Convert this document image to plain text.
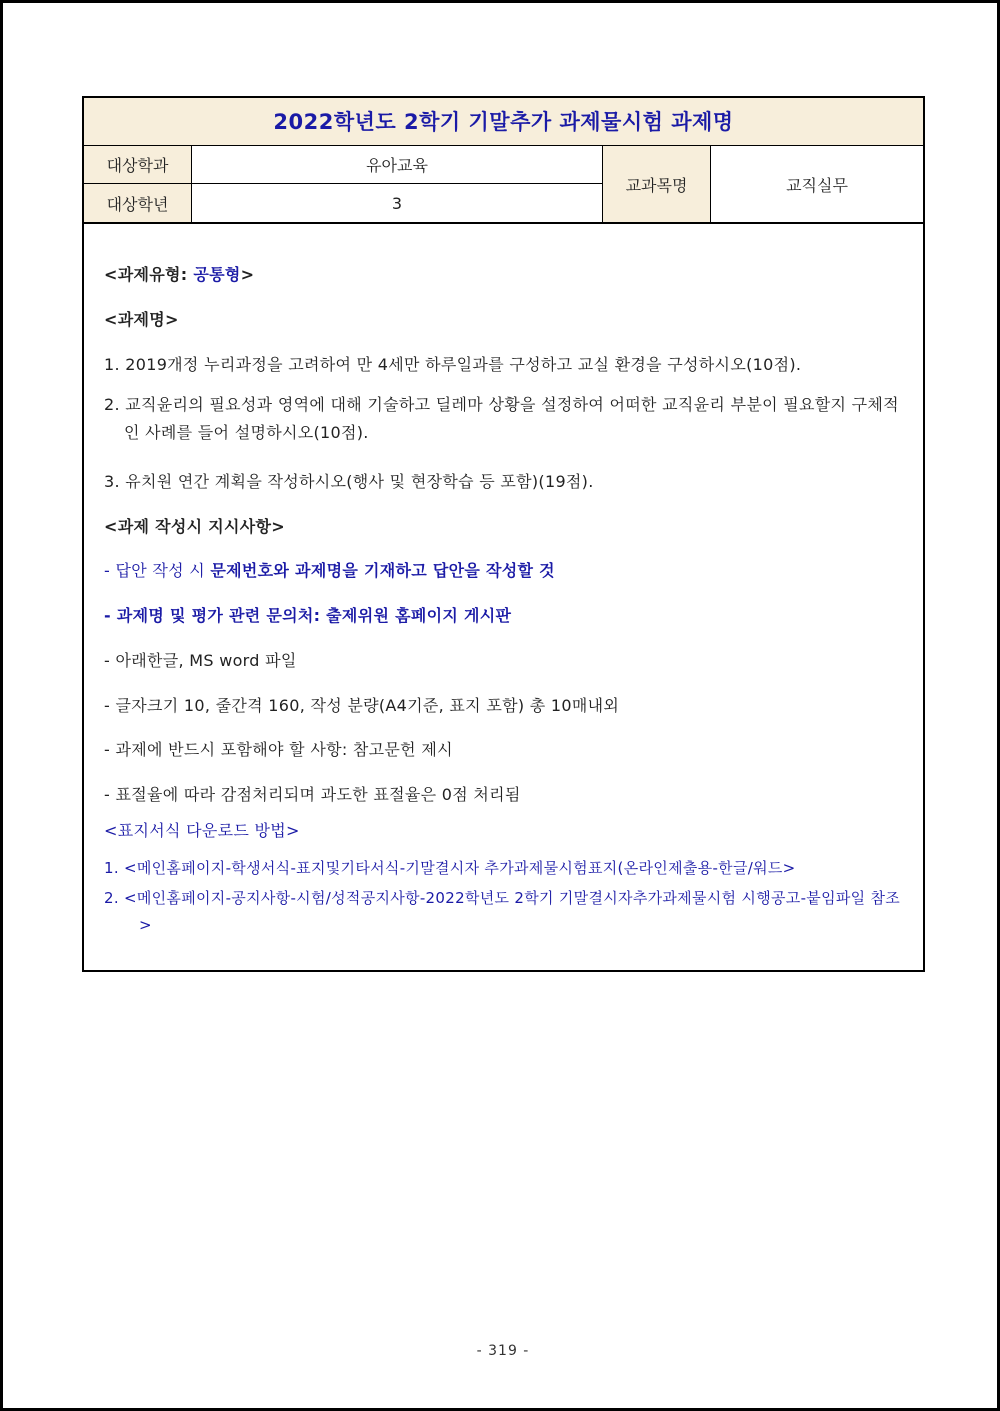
2022학년도 2학기 기말추가 과제물시험 과제명
대상학과	유아교육
대상학년	3
교과목명	교직실무
<과제유형: 공통형>
<과제명>
1. 2019개정 누리과정을 고려하여 만 4세만 하루일과를 구성하고 교실 환경을 구성하시오(10점).
2. 교직윤리의 필요성과 영역에 대해 기술하고 딜레마 상황을 설정하여 어떠한 교직윤리 부분이 필요할지 구체적인 사례를 들어 설명하시오(10점).
3. 유치원 연간 계획을 작성하시오(행사 및 현장학습 등 포함)(19점).
<과제 작성시 지시사항>
- 답안 작성 시 문제번호와 과제명을 기재하고 답안을 작성할 것
- 과제명 및 평가 관련 문의처: 출제위원 홈페이지 게시판
- 아래한글, MS word 파일
- 글자크기 10, 줄간격 160, 작성 분량(A4기준, 표지 포함) 총 10매내외
- 과제에 반드시 포함해야 할 사항: 참고문헌 제시
- 표절율에 따라 감점처리되며 과도한 표절율은 0점 처리됨
<표지서식 다운로드 방법>
1. <메인홈페이지-학생서식-표지및기타서식-기말결시자 추가과제물시험표지(온라인제출용-한글/워드>
2. <메인홈페이지-공지사항-시험/성적공지사항-2022학년도 2학기 기말결시자추가과제물시험 시행공고-붙임파일 참조>
- 319 -
